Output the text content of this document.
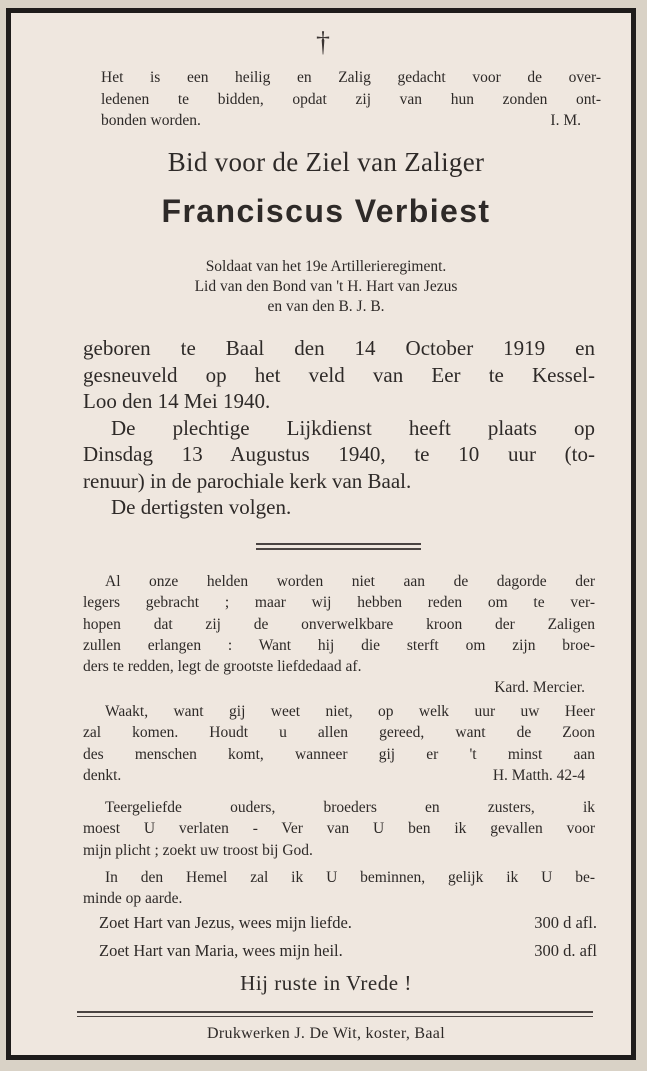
†
Het is een heilig en Zalig gedacht voor de over-
ledenen te bidden, opdat zij van hun zonden ont-
bonden worden.	I. M.
Bid voor de Ziel van Zaliger
Franciscus Verbiest
Soldaat van het 19e Artillerieregiment.
Lid van den Bond van 't H. Hart van Jezus
en van den B. J. B.
geboren te Baal den 14 October 1919 en
gesneuveld op het veld van Eer te Kessel-
Loo den 14 Mei 1940.
De plechtige Lijkdienst heeft plaats op
Dinsdag 13 Augustus 1940, te 10 uur (to-
renuur) in de parochiale kerk van Baal.
De dertigsten volgen.
Al onze helden worden niet aan de dagorde der
legers gebracht ; maar wij hebben reden om te ver-
hopen dat zij de onverwelkbare kroon der Zaligen
zullen erlangen : Want hij die sterft om zijn broe-
ders te redden, legt de grootste liefdedaad af.
Kard. Mercier.
Waakt, want gij weet niet, op welk uur uw Heer
zal komen. Houdt u allen gereed, want de Zoon
des menschen komt, wanneer gij er 't minst aan
denkt.	H. Matth. 42-4
Teergeliefde ouders, broeders en zusters, ik
moest U verlaten - Ver van U ben ik gevallen voor
mijn plicht ; zoekt uw troost bij God.
In den Hemel zal ik U beminnen, gelijk ik U be-
minde op aarde.
Zoet Hart van Jezus, wees mijn liefde.	300 d afl.
Zoet Hart van Maria, wees mijn heil.	300 d. afl
Hij ruste in Vrede !
Drukwerken J. De Wit, koster, Baal
